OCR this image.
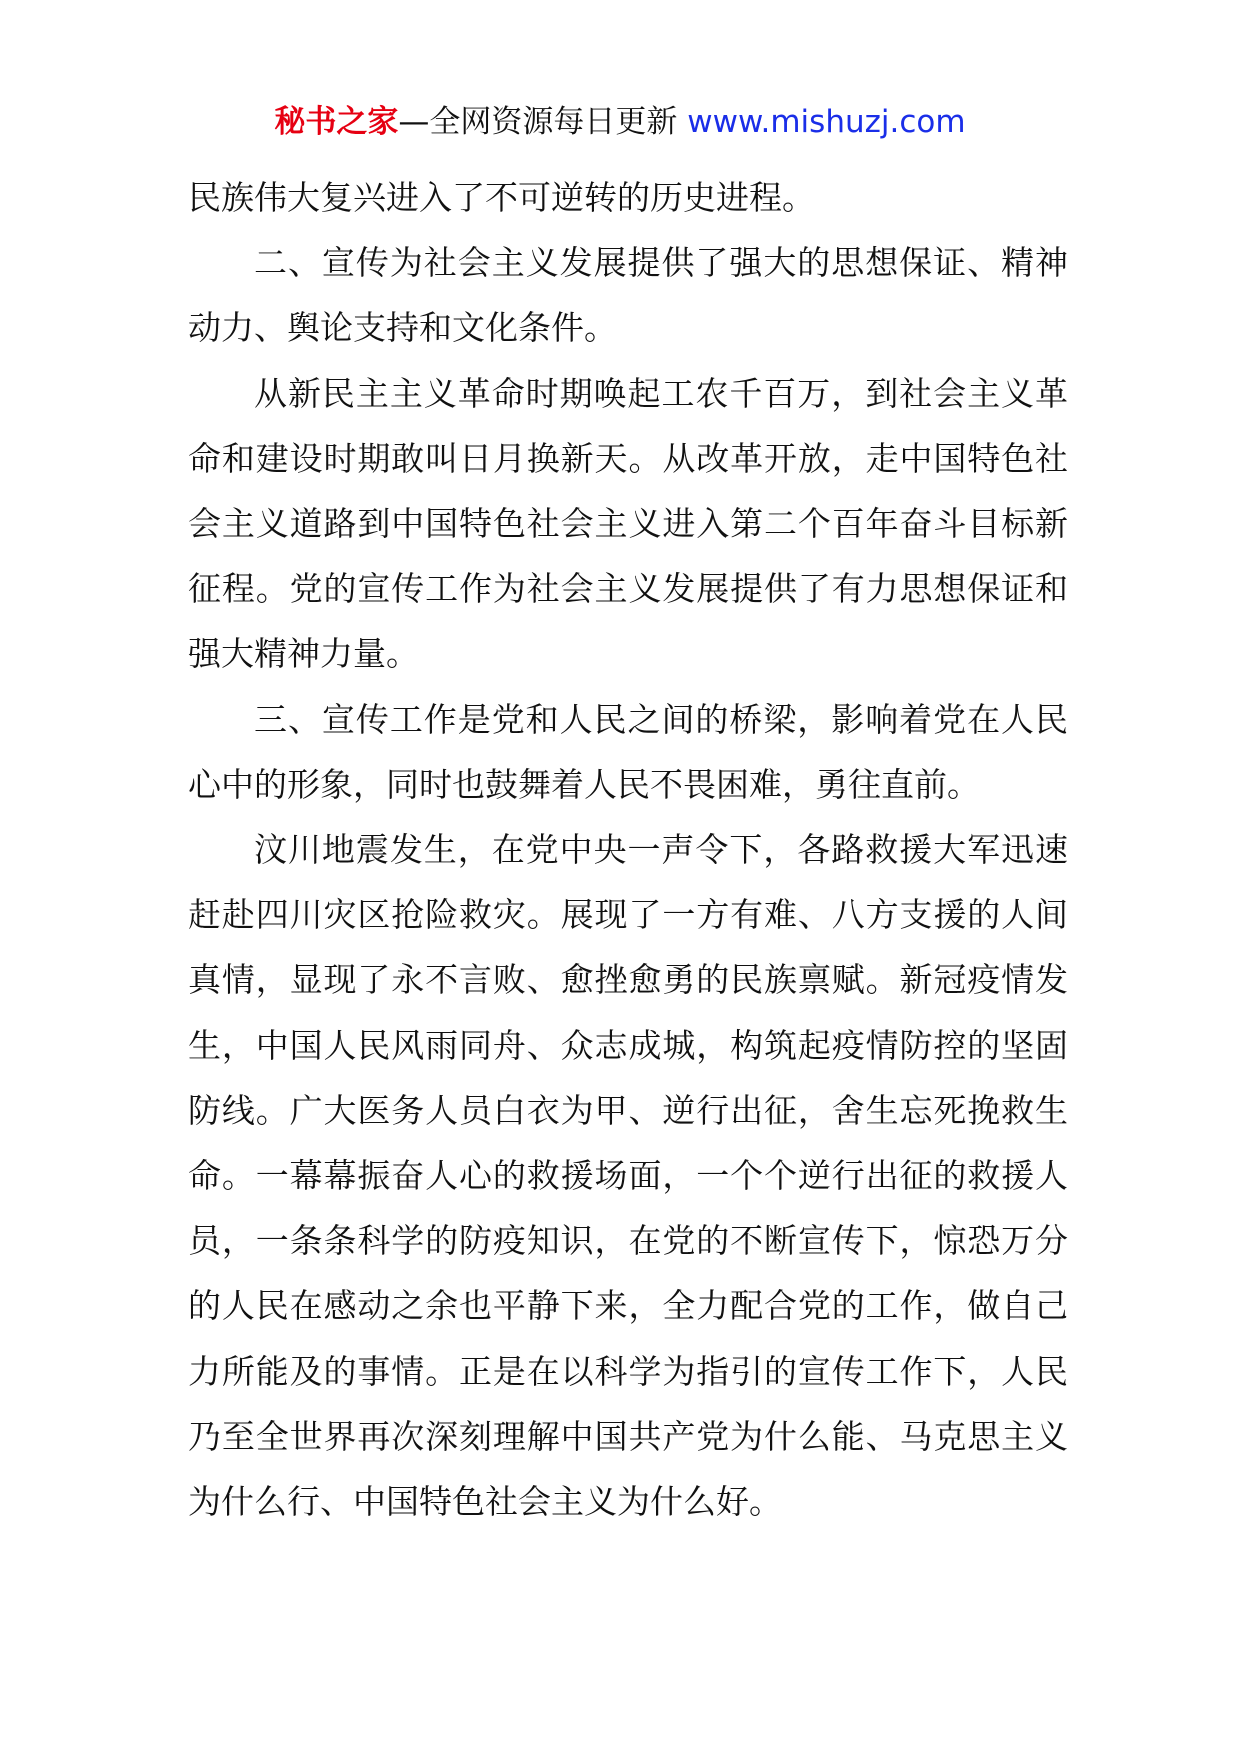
秘书之家—全网资源每日更新 www.mishuzj.com

民族伟大复兴进入了不可逆转的历史进程。

二、宣传为社会主义发展提供了强大的思想保证、精神动力、舆论支持和文化条件。

从新民主主义革命时期唤起工农千百万，到社会主义革命和建设时期敢叫日月换新天。从改革开放，走中国特色社会主义道路到中国特色社会主义进入第二个百年奋斗目标新征程。党的宣传工作为社会主义发展提供了有力思想保证和强大精神力量。

三、宣传工作是党和人民之间的桥梁，影响着党在人民心中的形象，同时也鼓舞着人民不畏困难，勇往直前。

汶川地震发生，在党中央一声令下，各路救援大军迅速赶赴四川灾区抢险救灾。展现了一方有难、八方支援的人间真情，显现了永不言败、愈挫愈勇的民族禀赋。新冠疫情发生，中国人民风雨同舟、众志成城，构筑起疫情防控的坚固防线。广大医务人员白衣为甲、逆行出征，舍生忘死挽救生命。一幕幕振奋人心的救援场面，一个个逆行出征的救援人员，一条条科学的防疫知识，在党的不断宣传下，惊恐万分的人民在感动之余也平静下来，全力配合党的工作，做自己力所能及的事情。正是在以科学为指引的宣传工作下，人民乃至全世界再次深刻理解中国共产党为什么能、马克思主义为什么行、中国特色社会主义为什么好。
